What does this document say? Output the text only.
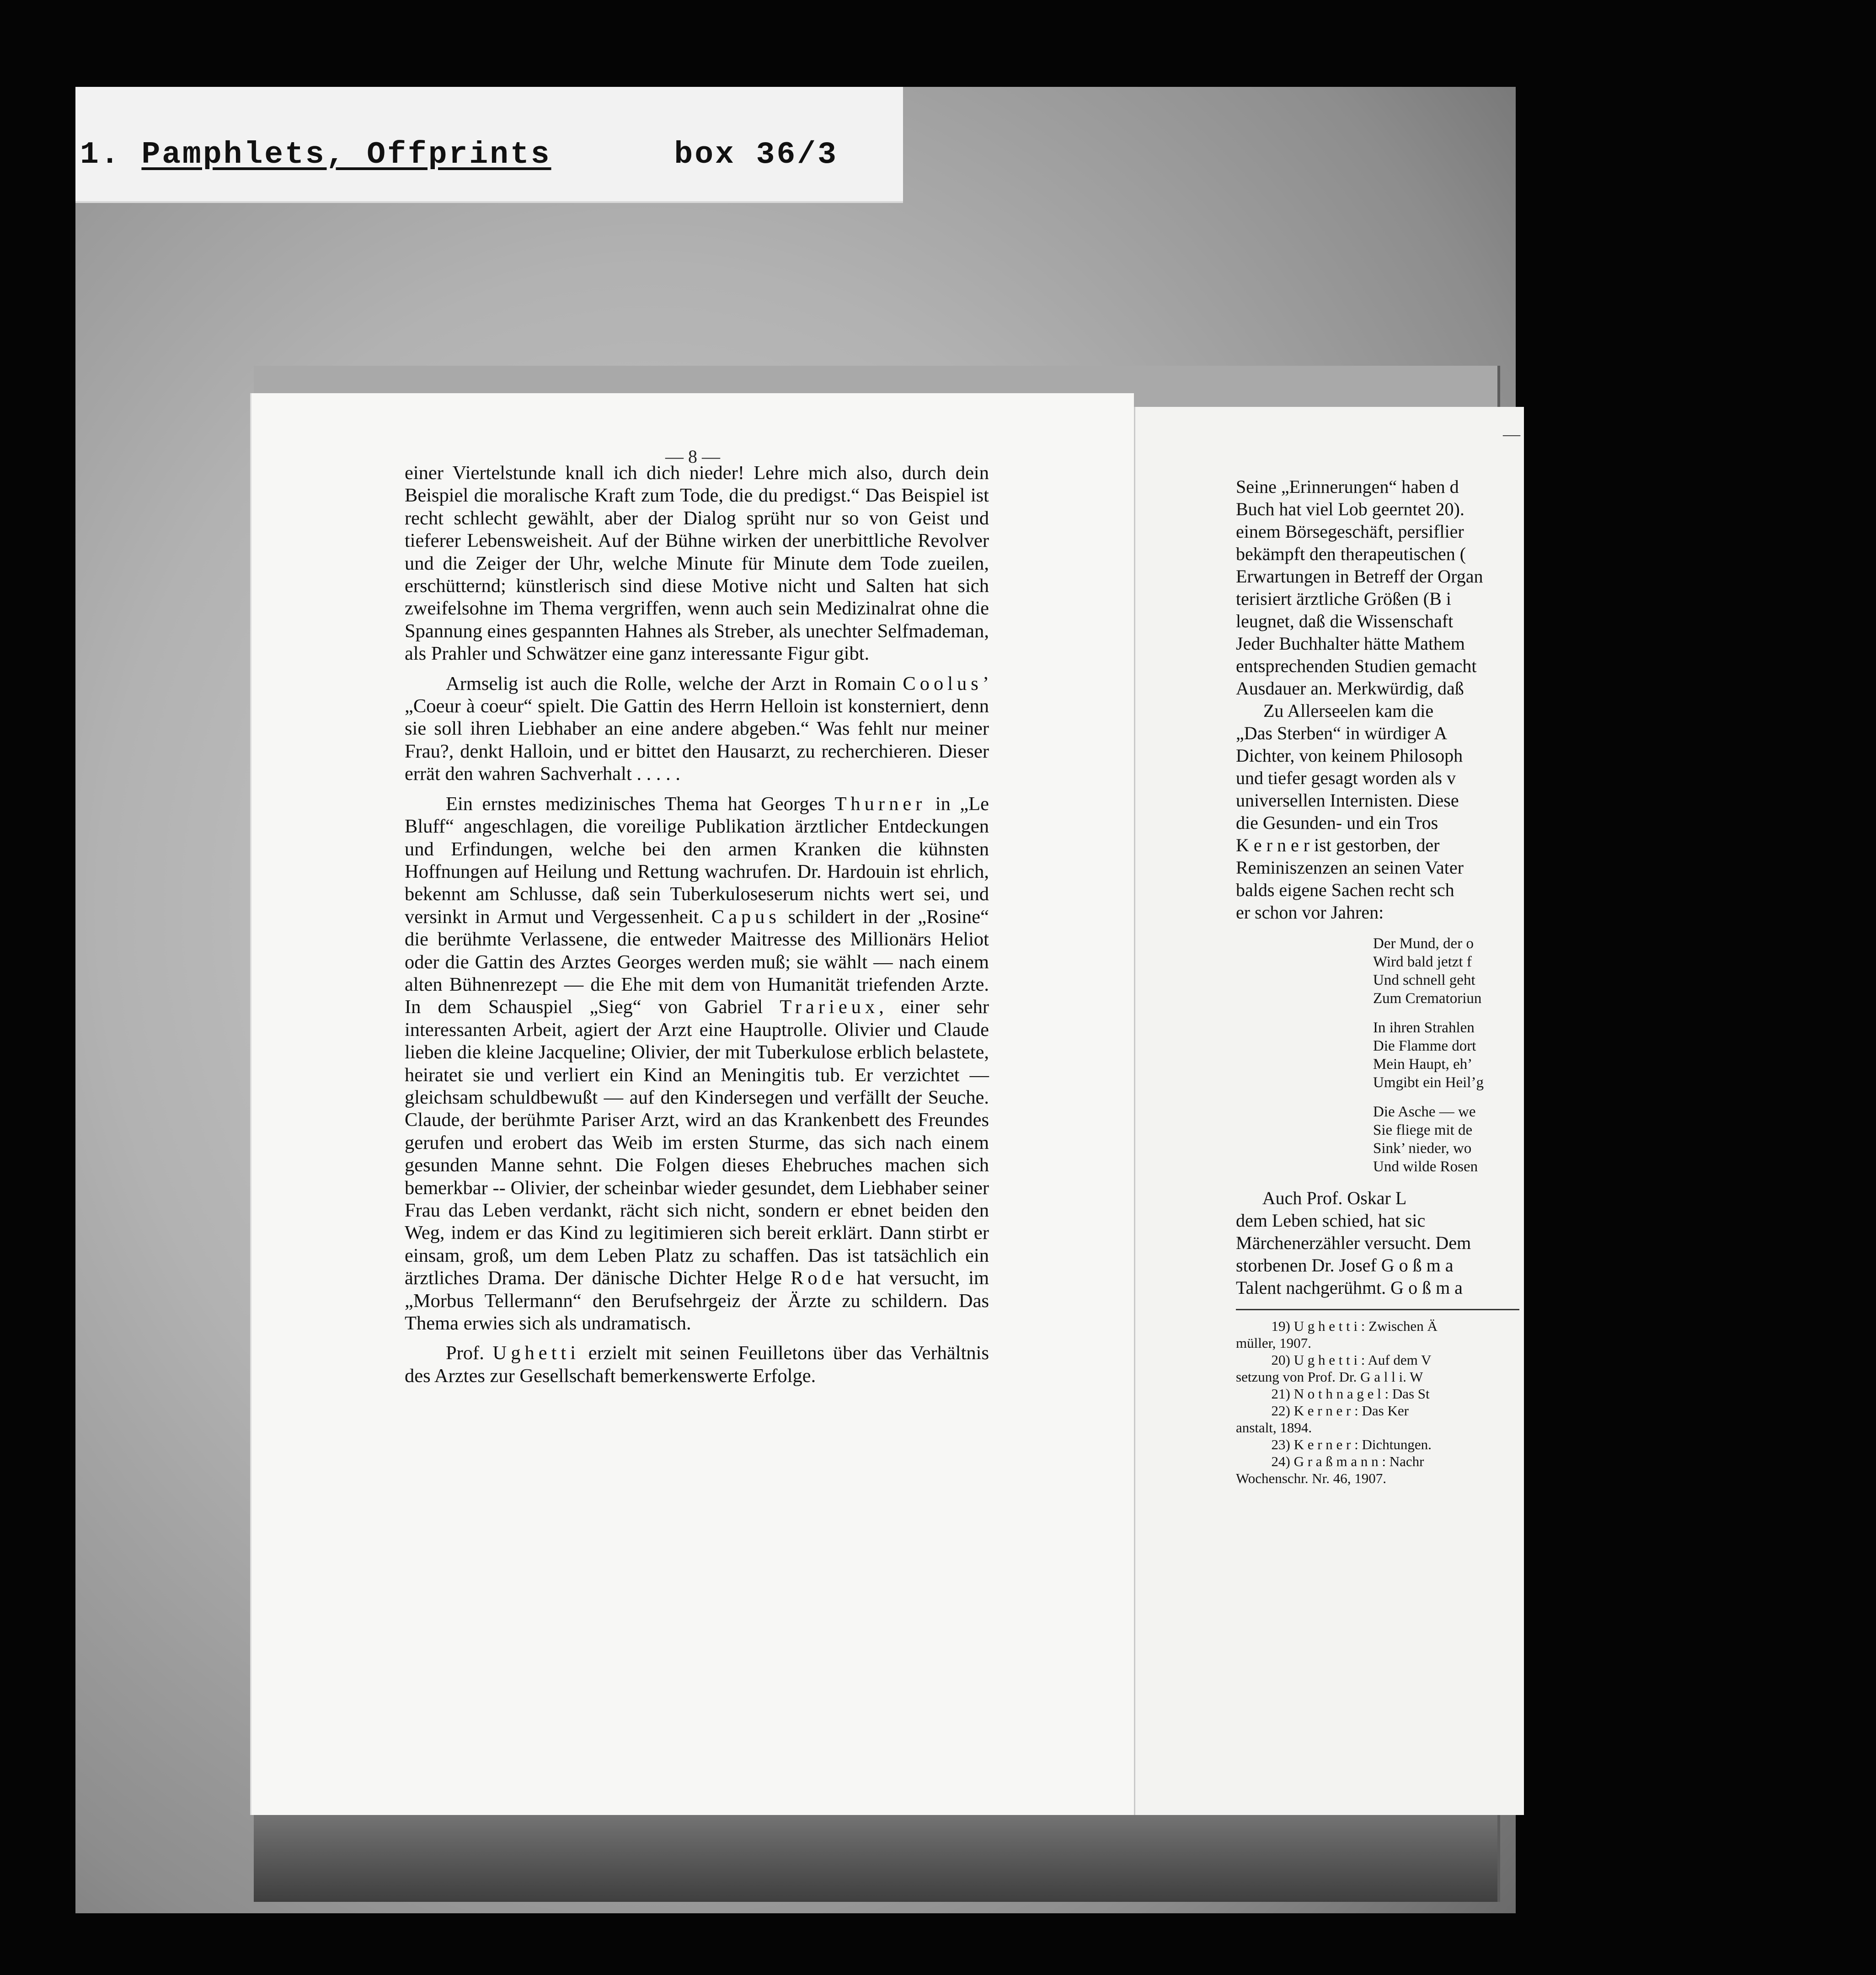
1. Pamphlets, Offprints	box 36/3
— 8 —

einer Viertelstunde knall ich dich nieder! Lehre mich also, durch dein Beispiel die moralische Kraft zum Tode, die du predigst.“ Das Beispiel ist recht schlecht gewählt, aber der Dialog sprüht nur so von Geist und tieferer Lebensweisheit. Auf der Bühne wirken der unerbittliche Revolver und die Zeiger der Uhr, welche Minute für Minute dem Tode zueilen, erschütternd; künstlerisch sind diese Motive nicht und Salten hat sich zweifelsohne im Thema vergriffen, wenn auch sein Medizinalrat ohne die Spannung eines gespannten Hahnes als Streber, als unechter Selfmademan, als Prahler und Schwätzer eine ganz interessante Figur gibt.

Armselig ist auch die Rolle, welche der Arzt in Romain Coolus’ „Coeur à coeur“ spielt. Die Gattin des Herrn Helloin ist konsterniert, denn sie soll ihren Liebhaber an eine andere abgeben.“ Was fehlt nur meiner Frau?, denkt Halloin, und er bittet den Hausarzt, zu recherchieren. Dieser errät den wahren Sachverhalt . . . . .

Ein ernstes medizinisches Thema hat Georges Thurner in „Le Bluff“ angeschlagen, die voreilige Publikation ärztlicher Entdeckungen und Erfindungen, welche bei den armen Kranken die kühnsten Hoffnungen auf Heilung und Rettung wachrufen. Dr. Hardouin ist ehrlich, bekennt am Schlusse, daß sein Tuberkuloseserum nichts wert sei, und versinkt in Armut und Vergessenheit. Capus schildert in der „Rosine“ die berühmte Verlassene, die entweder Maitresse des Millionärs Heliot oder die Gattin des Arztes Georges werden muß; sie wählt — nach einem alten Bühnenrezept — die Ehe mit dem von Humanität triefenden Arzte. In dem Schauspiel „Sieg“ von Gabriel Trarieux, einer sehr interessanten Arbeit, agiert der Arzt eine Hauptrolle. Olivier und Claude lieben die kleine Jacqueline; Olivier, der mit Tuberkulose erblich belastete, heiratet sie und verliert ein Kind an Meningitis tub. Er verzichtet — gleichsam schuldbewußt — auf den Kindersegen und verfällt der Seuche. Claude, der berühmte Pariser Arzt, wird an das Krankenbett des Freundes gerufen und erobert das Weib im ersten Sturme, das sich nach einem gesunden Manne sehnt. Die Folgen dieses Ehebruches machen sich bemerkbar -- Olivier, der scheinbar wieder gesundet, dem Liebhaber seiner Frau das Leben verdankt, rächt sich nicht, sondern er ebnet beiden den Weg, indem er das Kind zu legitimieren sich bereit erklärt. Dann stirbt er einsam, groß, um dem Leben Platz zu schaffen. Das ist tatsächlich ein ärztliches Drama. Der dänische Dichter Helge Rode hat versucht, im „Morbus Tellermann“ den Berufsehrgeiz der Ärzte zu schildern. Das Thema erwies sich als undramatisch.

Prof. Ughetti erzielt mit seinen Feuilletons über das Verhältnis des Arztes zur Gesellschaft bemerkenswerte Erfolge.

—
Seine „Erinnerungen“ haben d
Buch hat viel Lob geerntet 20).
einem Börsegeschäft, persiflier
bekämpft den therapeutischen (
Erwartungen in Betreff der Organ
terisiert ärztliche Größen (B i
leugnet, daß die Wissenschaft
Jeder Buchhalter hätte Mathem
entsprechenden Studien gemacht
Ausdauer an. Merkwürdig, daß
Zu Allerseelen kam die
„Das Sterben“ in würdiger A
Dichter, von keinem Philosoph
und tiefer gesagt worden als v
universellen Internisten. Diese
die Gesunden- und ein Tros
K e r n e r ist gestorben, der
Reminiszenzen an seinen Vater
balds eigene Sachen recht sch
er schon vor Jahren:
Der Mund, der o
Wird bald jetzt f
Und schnell geht
Zum Crematoriun
In ihren Strahlen
Die Flamme dort
Mein Haupt, eh’
Umgibt ein Heil’g
Die Asche — we
Sie fliege mit de
Sink’ nieder, wo
Und wilde Rosen
Auch Prof. Oskar L
dem Leben schied, hat sic
Märchenerzähler versucht. Dem
storbenen Dr. Josef G o ß m a
Talent nachgerühmt. G o ß m a
19) U g h e t t i : Zwischen Ä
müller, 1907.
20) U g h e t t i : Auf dem V
setzung von Prof. Dr. G a l l i. W
21) N o t h n a g e l : Das St
22) K e r n e r : Das Ker
anstalt, 1894.
23) K e r n e r : Dichtungen.
24) G r a ß m a n n : Nachr
Wochenschr. Nr. 46, 1907.
